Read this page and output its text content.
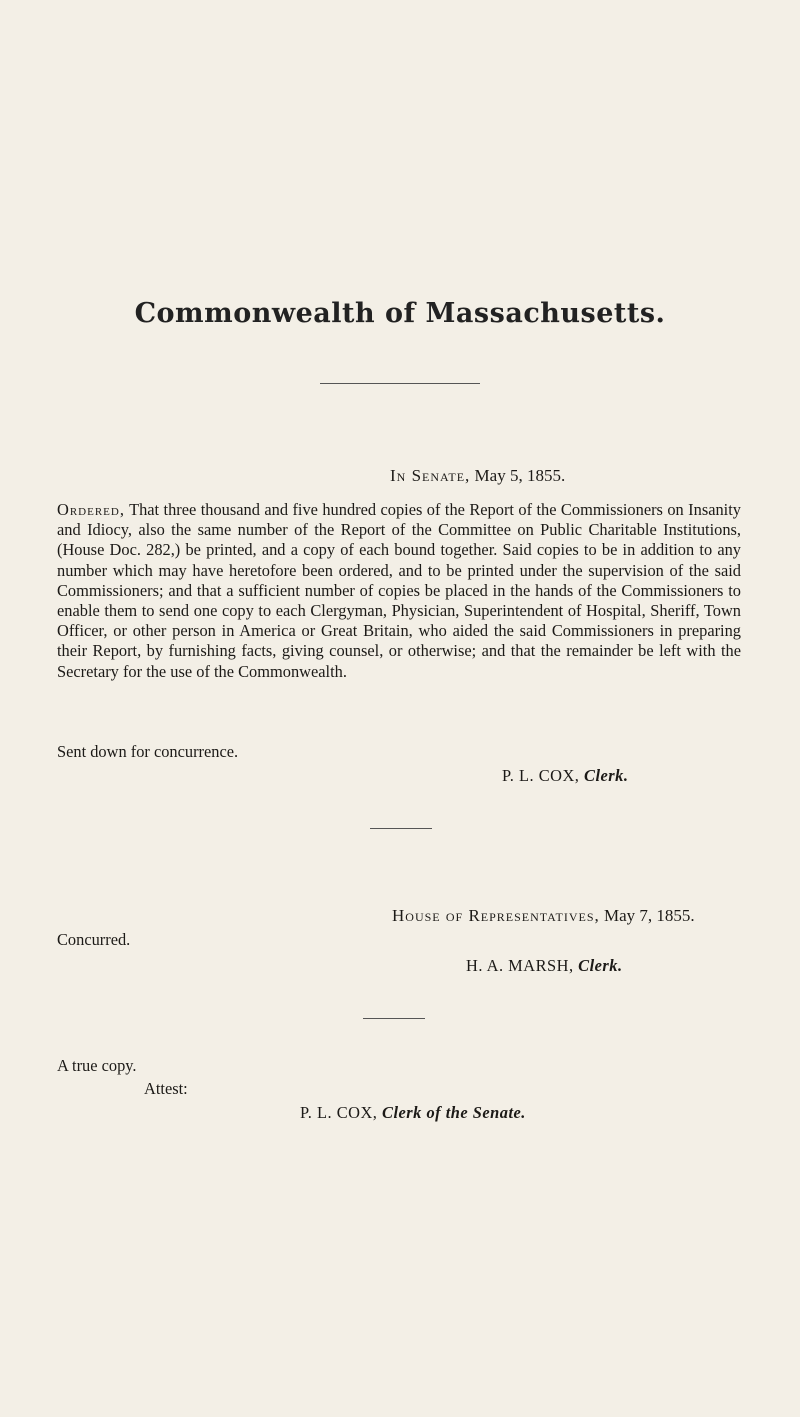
Commonwealth of Massachusetts.
In Senate, May 5, 1855.
Ordered, That three thousand and five hundred copies of the Report of the Commissioners on Insanity and Idiocy, also the same number of the Report of the Committee on Public Charitable Institutions, (House Doc. 282,) be printed, and a copy of each bound together. Said copies to be in addition to any number which may have heretofore been ordered, and to be printed under the supervision of the said Commissioners; and that a sufficient number of copies be placed in the hands of the Commissioners to enable them to send one copy to each Clergyman, Physician, Superintendent of Hospital, Sheriff, Town Officer, or other person in America or Great Britain, who aided the said Commissioners in preparing their Report, by furnishing facts, giving counsel, or otherwise; and that the remainder be left with the Secretary for the use of the Commonwealth.
Sent down for concurrence.
P. L. COX, Clerk.
House of Representatives, May 7, 1855.
Concurred.
H. A. MARSH, Clerk.
A true copy.
Attest:
P. L. COX, Clerk of the Senate.
